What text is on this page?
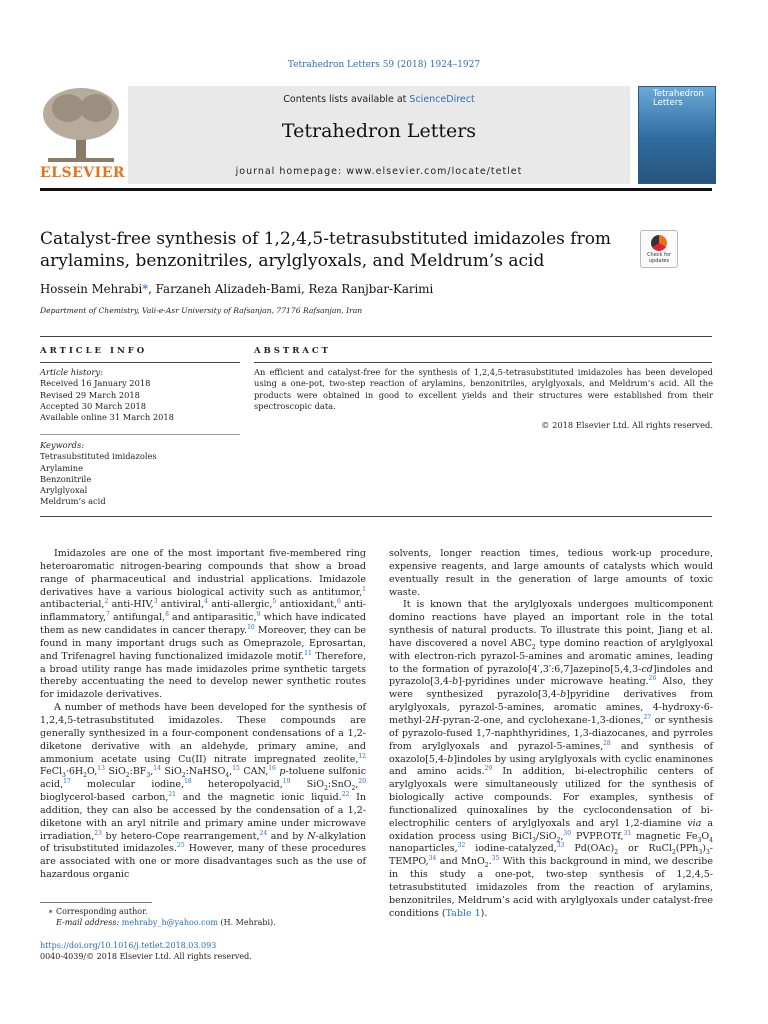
Tetrahedron Letters 59 (2018) 1924–1927
ELSEVIER
Contents lists available at ScienceDirect
Tetrahedron Letters
journal homepage: www.elsevier.com/locate/tetlet
Tetrahedron
Letters
Catalyst-free synthesis of 1,2,4,5-tetrasubstituted imidazoles from
arylamins, benzonitriles, arylglyoxals, and Meldrum’s acid	Check for
updates
Hossein Mehrabi*, Farzaneh Alizadeh-Bami, Reza Ranjbar-Karimi
Department of Chemistry, Vali-e-Asr University of Rafsanjan, 77176 Rafsanjan, Iran
ARTICLE INFO	ABSTRACT
Article history:
Received 16 January 2018
Revised 29 March 2018
Accepted 30 March 2018
Available online 31 March 2018
Keywords:
Tetrasubstituted imidazoles
Arylamine
Benzonitrile
Arylglyoxal
Meldrum’s acid
An efficient and catalyst-free for the synthesis of 1,2,4,5-tetrasubstituted imidazoles has been developed using a one-pot, two-step reaction of arylamins, benzonitriles, arylglyoxals, and Meldrum’s acid. All the products were obtained in good to excellent yields and their structures were established from their spectroscopic data.
© 2018 Elsevier Ltd. All rights reserved.

Imidazoles are one of the most important five-membered ring heteroaromatic nitrogen-bearing compounds that show a broad range of pharmaceutical and industrial applications. Imidazole derivatives have a various biological activity such as antitumor,$^1$ antibacterial,$^2$ anti-HIV,$^3$ antiviral,$^4$ anti-allergic,$^5$ antioxidant,$^6$ anti-inflammatory,$^7$ antifungal,$^8$ and antiparasitic,$^9$ which have indicated them as new candidates in cancer therapy.$^{10}$ Moreover, they can be found in many important drugs such as Omeprazole, Eprosartan, and Trifenagrel having functionalized imidazole motif.$^{11}$ Therefore, a broad utility range has made imidazoles prime synthetic targets thereby accentuating the need to develop newer synthetic routes for imidazole derivatives.

A number of methods have been developed for the synthesis of 1,2,4,5-tetrasubstituted imidazoles. These compounds are generally synthesized in a four-component condensations of a 1,2-diketone derivative with an aldehyde, primary amine, and ammonium acetate using Cu(II) nitrate impregnated zeolite,$^{12}$ $FeCl_3\cdot 6H_2O,^{13}$ $SiO_2:BF_3,^{14}$ SiO$_2$:NaHSO$_4$,$^{15}$ CAN,$^{16}$ p-toluene sulfonic acid,$^{17}$ molecular iodine,$^{18}$ heteropolyacid,$^{19}$ SiO$_2$:SnO$_2$,$^{20}$ bioglycerol-based carbon,$^{21}$ and the magnetic ionic liquid.$^{22}$ In addition, they can also be accessed by the condensation of a 1,2-diketone with an aryl nitrile and primary amine under microwave irradiation,$^{23}$ by hetero-Cope rearrangement,$^{24}$ and by N-alkylation of trisubstituted imidazoles.$^{25}$ However, many of these procedures are associated with one or more disadvantages such as the use of hazardous organic

solvents, longer reaction times, tedious work-up procedure, expensive reagents, and large amounts of catalysts which would eventually result in the generation of large amounts of toxic waste.

It is known that the arylglyoxals undergoes multicomponent domino reactions have played an important role in the total synthesis of natural products. To illustrate this point, Jiang et al. have discovered a novel $ABC_2$ type domino reaction of arylglyoxal with electron-rich pyrazol-5-amines and aromatic amines, leading to the formation of pyrazolo[4′,3′:6,7]azepino[5,4,3-cd]indoles and pyrazolo[3,4-b]-pyridines under microwave heating.$^{26}$ Also, they were synthesized pyrazolo[3,4-b]pyridine derivatives from arylglyoxals, pyrazol-5-amines, aromatic amines, 4-hydroxy-6-methyl-2H-pyran-2-one, and cyclohexane-1,3-diones,$^{27}$ or synthesis of pyrazolo-fused 1,7-naphthyridines, 1,3-diazocanes, and pyrroles from arylglyoxals and pyrazol-5-amines,$^{28}$ and synthesis of oxazolo[5,4-b]indoles by using arylglyoxals with cyclic enaminones and amino acids.$^{29}$ In addition, bi-electrophilic centers of arylglyoxals were simultaneously utilized for the synthesis of biologically active compounds. For examples, synthesis of functionalized quinoxalines by the cyclocondensation of bi-electrophilic centers of arylglyoxals and aryl 1,2-diamine via a oxidation process using BiCl$_3$/SiO$_2$,$^{30}$ PVPP.OTf,$^{31}$ magnetic $Fe_3O_4$ nanoparticles,$^{32}$ iodine-catalyzed,$^{33}$ $Pd(OAc)_2$ or $RuCl_2(PPh_3)_3-TEMPO,^{34}$ and MnO$_2$.$^{35}$ With this background in mind, we describe in this study a one-pot, two-step synthesis of 1,2,4,5-tetrasubstituted imidazoles from the reaction of arylamins, benzonitriles, Meldrum’s acid with arylglyoxals under catalyst-free conditions (Table 1).

∗ Corresponding author.
E-mail address: mehraby_h@yahoo.com (H. Mehrabi).
https://doi.org/10.1016/j.tetlet.2018.03.093
0040-4039/© 2018 Elsevier Ltd. All rights reserved.
